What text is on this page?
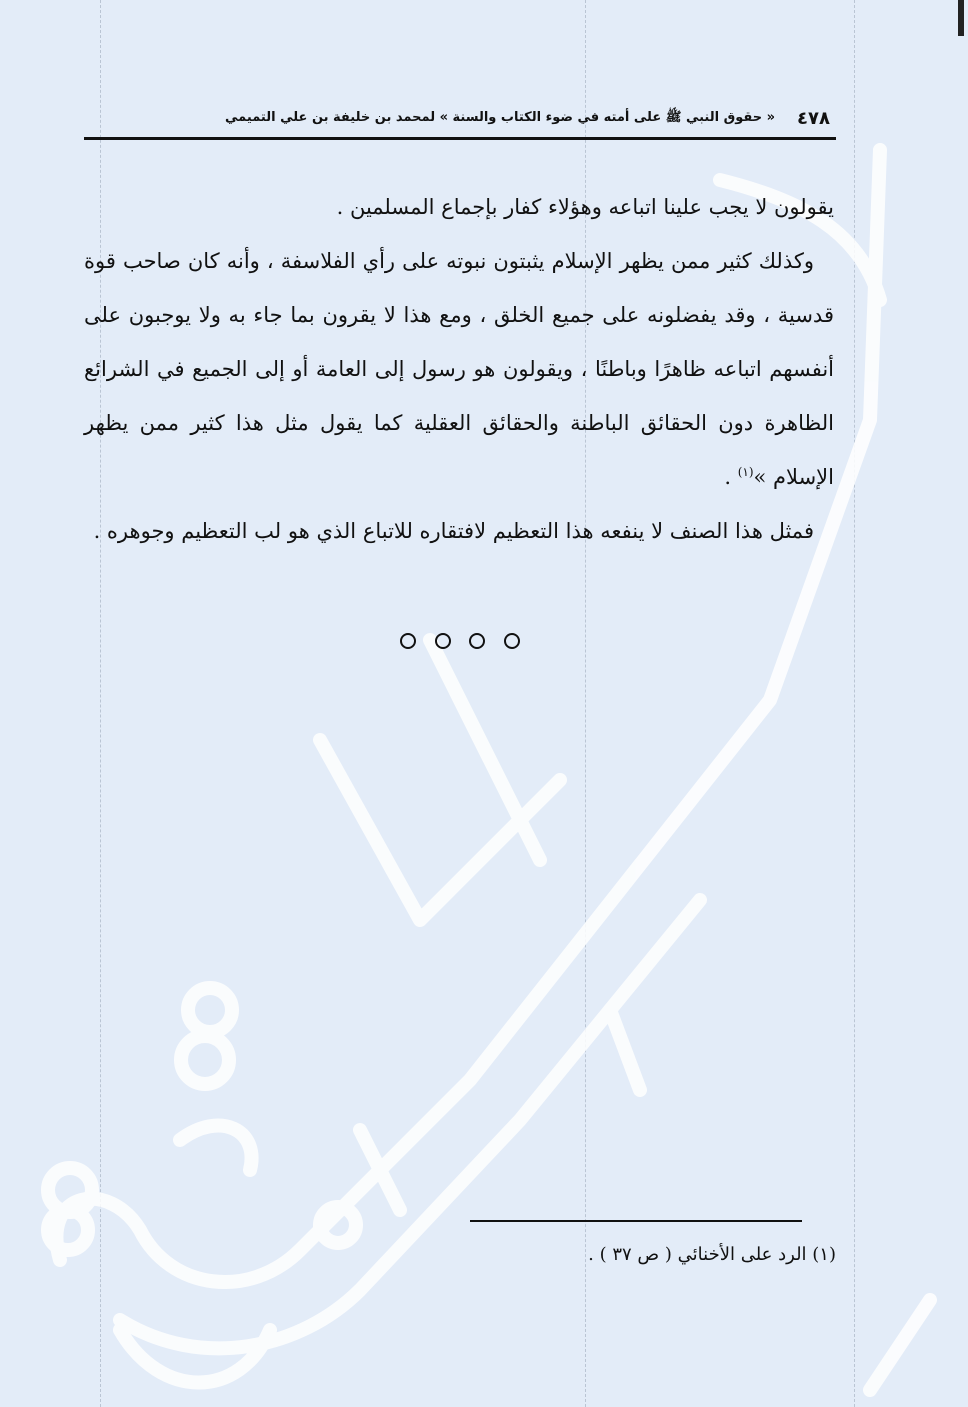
٤٧٨
« حقوق النبي ﷺ على أمته في ضوء الكتاب والسنة » لمحمد بن خليفة بن علي التميمي

يقولون لا يجب علينا اتباعه وهؤلاء كفار بإجماع المسلمين .

وكذلك كثير ممن يظهر الإسلام يثبتون نبوته على رأي الفلاسفة ، وأنه كان صاحب قوة قدسية ، وقد يفضلونه على جميع الخلق ، ومع هذا لا يقرون بما جاء به ولا يوجبون على أنفسهم اتباعه ظاهرًا وباطنًا ، ويقولون هو رسول إلى العامة أو إلى الجميع في الشرائع الظاهرة دون الحقائق الباطنة والحقائق العقلية كما يقول مثل هذا كثير ممن يظهر الإسلام »$^{(١)}$ .

فمثل هذا الصنف لا ينفعه هذا التعظيم لافتقاره للاتباع الذي هو لب التعظيم وجوهره .

(١) الرد على الأخنائي ( ص ٣٧ ) .
